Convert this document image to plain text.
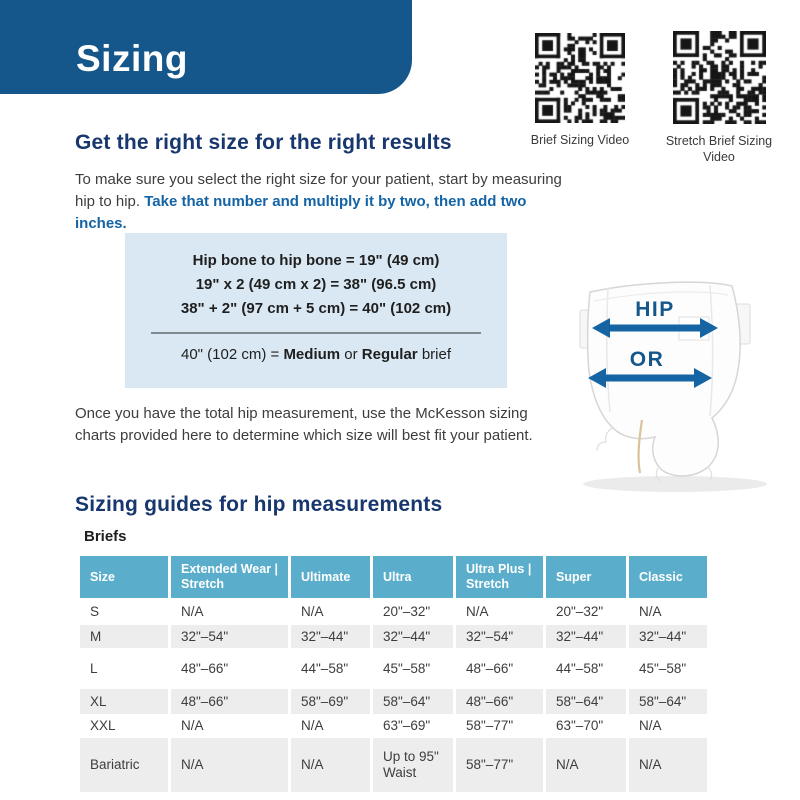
Sizing
Brief Sizing Video	Stretch Brief Sizing Video
Get the right size for the right results

To make sure you select the right size for your patient, start by measuring hip to hip. Take that number and multiply it by two, then add two inches.

Hip bone to hip bone = 19" (49 cm)
19" x 2 (49 cm x 2) = 38" (96.5 cm)
38" + 2" (97 cm + 5 cm) = 40" (102 cm)
40" (102 cm) = Medium or Regular brief
HIP
OR

Once you have the total hip measurement, use the McKesson sizing charts provided here to determine which size will best fit your patient.

Sizing guides for hip measurements
Briefs
Size	Extended Wear | Stretch	Ultimate	Ultra	Ultra Plus | Stretch	Super	Classic
S	N/A	N/A	20"–32"	N/A	20"–32"	N/A
M	32"–54"	32"–44"	32"–44"	32"–54"	32"–44"	32"–44"
L	48"–66"	44"–58"	45"–58"	48"–66"	44"–58"	45"–58"
XL	48"–66"	58"–69"	58"–64"	48"–66"	58"–64"	58"–64"
XXL	N/A	N/A	63"–69"	58"–77"	63"–70"	N/A
Bariatric	N/A	N/A	Up to 95" Waist	58"–77"	N/A	N/A
